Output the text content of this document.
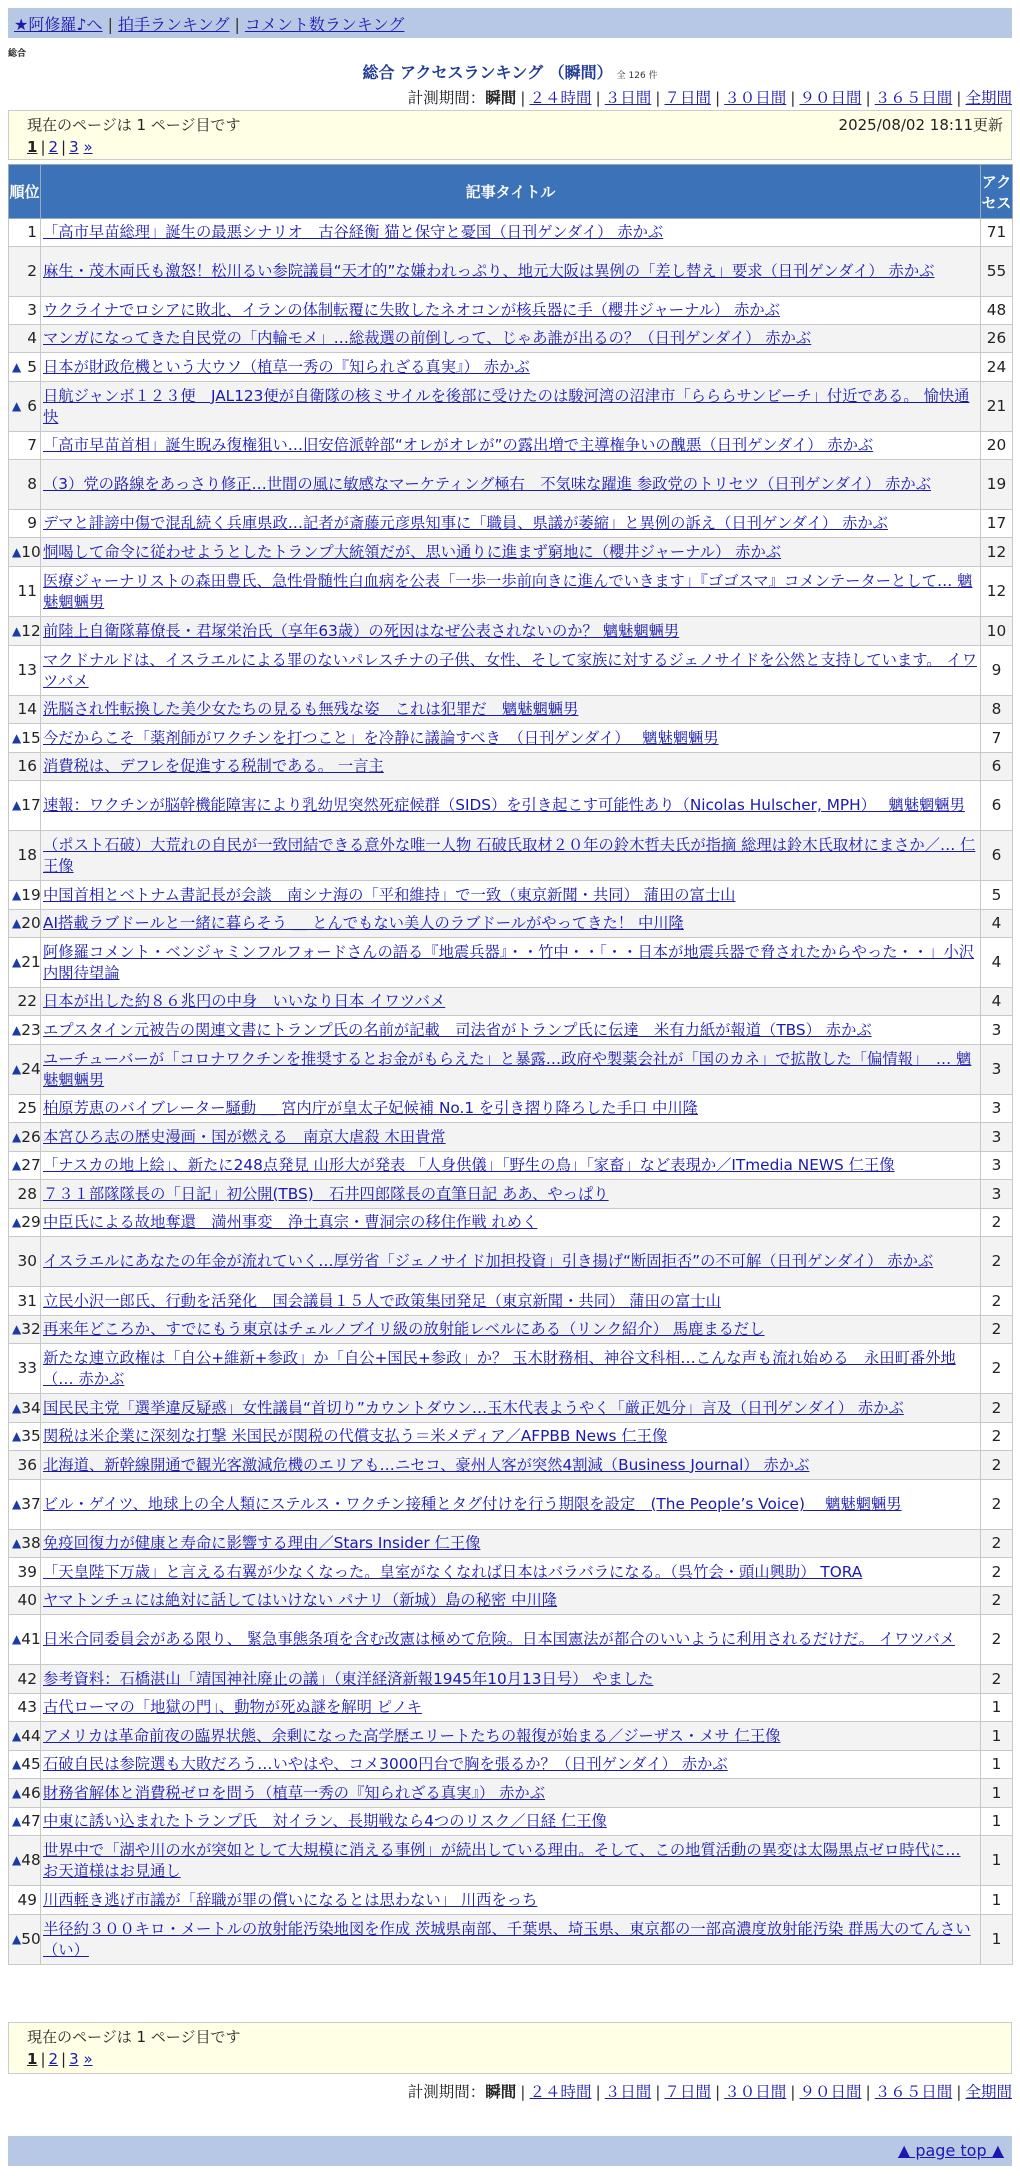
★阿修羅♪へ | 拍手ランキング | コメント数ランキング
総合
総合 アクセスランキング （瞬間） 全 126 件
計測期間：瞬間 | ２４時間 | ３日間 | ７日間 | ３０日間 | ９０日間 | ３６５日間 | 全期間
現在のページは 1 ページ目です	2025/08/02 18:11更新
1 | 2 | 3 »
順位	記事タイトル	アクセス
1	「高市早苗総理」誕生の最悪シナリオ　古谷経衡 猫と保守と憂国（日刊ゲンダイ） 赤かぶ	71
2	麻生・茂木両氏も激怒！松川るい参院議員“天才的”な嫌われっぷり、地元大阪は異例の「差し替え」要求（日刊ゲンダイ） 赤かぶ	55
3	ウクライナでロシアに敗北、イランの体制転覆に失敗したネオコンが核兵器に手（櫻井ジャーナル） 赤かぶ	48
4	マンガになってきた自民党の「内輪モメ」…総裁選の前倒しって、じゃあ誰が出るの？（日刊ゲンダイ） 赤かぶ	26

▲ 5	日本が財政危機という大ウソ（植草一秀の『知られざる真実』） 赤かぶ	24

▲ 6	日航ジャンボ１２３便　JAL123便が自衛隊の核ミサイルを後部に受けたのは駿河湾の沼津市「らららサンビーチ」付近である。 愉快通快	21
7	「高市早苗首相」誕生睨み復権狙い…旧安倍派幹部“オレがオレが”の露出増で主導権争いの醜悪（日刊ゲンダイ） 赤かぶ	20
8	（3）党の路線をあっさり修正…世間の風に敏感なマーケティング極右　不気味な躍進 参政党のトリセツ（日刊ゲンダイ） 赤かぶ	19
9	デマと誹謗中傷で混乱続く兵庫県政…記者が斎藤元彦県知事に「職員、県議が萎縮」と異例の訴え（日刊ゲンダイ） 赤かぶ	17

▲ 10	恫喝して命令に従わせようとしたトランプ大統領だが、思い通りに進まず窮地に（櫻井ジャーナル） 赤かぶ	12
11	医療ジャーナリストの森田豊氏、急性骨髄性白血病を公表「一歩一歩前向きに進んでいきます」『ゴゴスマ』コメンテーターとして… 魑魅魍魎男	12

▲ 12	前陸上自衛隊幕僚長・君塚栄治氏（享年63歳）の死因はなぜ公表されないのか？ 魑魅魍魎男	10
13	マクドナルドは、イスラエルによる罪のないパレスチナの子供、女性、そして家族に対するジェノサイドを公然と支持しています。 イワツバメ	9
14	洗脳され性転換した美少女たちの見るも無残な姿　これは犯罪だ　魑魅魍魎男	8

▲ 15	今だからこそ「薬剤師がワクチンを打つこと」を冷静に議論すべき　（日刊ゲンダイ）　 魑魅魍魎男	7
16	消費税は、デフレを促進する税制である。 一言主	6

▲ 17	速報：ワクチンが脳幹機能障害により乳幼児突然死症候群（SIDS）を引き起こす可能性あり（Nicolas Hulscher, MPH）　 魑魅魍魎男	6
18	（ポスト石破）大荒れの自民が一致団結できる意外な唯一人物 石破氏取材２０年の鈴木哲夫氏が指摘 総理は鈴木氏取材にまさか／… 仁王像	6

▲ 19	中国首相とベトナム書記長が会談　南シナ海の「平和維持」で一致（東京新聞・共同） 蒲田の富士山	5

▲ 20	AI搭載ラブドールと一緒に暮らそう ＿ とんでもない美人のラブドールがやってきた！ 中川隆	4

▲ 21	阿修羅コメント・ベンジャミンフルフォードさんの語る『地震兵器』・・竹中・・「・・日本が地震兵器で脅されたからやった・・」小沢内閣待望論	4
22	日本が出した約８６兆円の中身　いいなり日本 イワツバメ	4

▲ 23	エプスタイン元被告の関連文書にトランプ氏の名前が記載　司法省がトランプ氏に伝達　米有力紙が報道（TBS） 赤かぶ	3

▲ 24	ユーチューバーが「コロナワクチンを推奨するとお金がもらえた」と暴露…政府や製薬会社が「国のカネ」で拡散した「偏情報」　… 魑魅魍魎男	3
25	柏原芳恵のバイブレーター騒動 ＿ 宮内庁が皇太子妃候補 No.1 を引き摺り降ろした手口 中川隆	3

▲ 26	本宮ひろ志の歴史漫画・国が燃える　南京大虐殺 木田貴常	3

▲ 27	「ナスカの地上絵」、新たに248点発見 山形大が発表 「人身供儀」「野生の鳥」「家畜」など表現か／ITmedia NEWS 仁王像	3
28	７３１部隊隊長の「日記」初公開(TBS)　石井四郎隊長の直筆日記 ああ、やっぱり	3

▲ 29	中臣氏による故地奪還　満州事変　浄土真宗・曹洞宗の移住作戦 れめく	2
30	イスラエルにあなたの年金が流れていく…厚労省「ジェノサイド加担投資」引き揚げ“断固拒否”の不可解（日刊ゲンダイ） 赤かぶ	2
31	立民小沢一郎氏、行動を活発化　国会議員１５人で政策集団発足（東京新聞・共同） 蒲田の富士山	2

▲ 32	再来年どころか、すでにもう東京はチェルノブイリ級の放射能レベルにある（リンク紹介） 馬鹿まるだし	2
33	新たな連立政権は「自公+維新+参政」か「自公+国民+参政」か？ 玉木財務相、神谷文科相…こんな声も流れ始める　永田町番外地（… 赤かぶ	2

▲ 34	国民民主党「選挙違反疑惑」女性議員“首切り”カウントダウン…玉木代表ようやく「厳正処分」言及（日刊ゲンダイ） 赤かぶ	2

▲ 35	関税は米企業に深刻な打撃 米国民が関税の代償支払う＝米メディア／AFPBB News 仁王像	2
36	北海道、新幹線開通で観光客激減危機のエリアも…ニセコ、豪州人客が突然4割減（Business Journal） 赤かぶ	2

▲ 37	ビル・ゲイツ、地球上の全人類にステルス・ワクチン接種とタグ付けを行う期限を設定　(The People’s Voice)　 魑魅魍魎男	2

▲ 38	免疫回復力が健康と寿命に影響する理由／Stars Insider 仁王像	2
39	「天皇陛下万歳」と言える右翼が少なくなった。皇室がなくなれば日本はバラバラになる。（呉竹会・頭山興助） TORA	2
40	ヤマトンチュには絶対に話してはいけない パナリ（新城）島の秘密 中川隆	2

▲ 41	日米合同委員会がある限り、 緊急事態条項を含む改憲は極めて危険。日本国憲法が都合のいいように利用されるだけだ。 イワツバメ	2
42	参考資料：石橋湛山「靖国神社廃止の議」（東洋経済新報1945年10月13日号） やました	2
43	古代ローマの「地獄の門」、動物が死ぬ謎を解明 ピノキ	1

▲ 44	アメリカは革命前夜の臨界状態、余剰になった高学歴エリートたちの報復が始まる／ジーザス・メサ 仁王像	1

▲ 45	石破自民は参院選も大敗だろう…いやはや、コメ3000円台で胸を張るか？（日刊ゲンダイ） 赤かぶ	1

▲ 46	財務省解体と消費税ゼロを問う（植草一秀の『知られざる真実』） 赤かぶ	1

▲ 47	中東に誘い込まれたトランプ氏　対イラン、長期戦なら4つのリスク／日経 仁王像	1

▲ 48	世界中で「湖や川の水が突如として大規模に消える事例」が続出している理由。そして、この地質活動の異変は太陽黒点ゼロ時代に… お天道様はお見通し	1
49	川西輊き逃げ市議が「辞職が罪の償いになるとは思わない」 川西をっち	1

▲ 50	半径約３００キロ・メートルの放射能汚染地図を作成 茨城県南部、千葉県、埼玉県、東京都の一部高濃度放射能汚染 群馬大のてんさい（い）	1
現在のページは 1 ページ目です
1 | 2 | 3 »
計測期間：瞬間 | ２４時間 | ３日間 | ７日間 | ３０日間 | ９０日間 | ３６５日間 | 全期間
▲ page top ▲
